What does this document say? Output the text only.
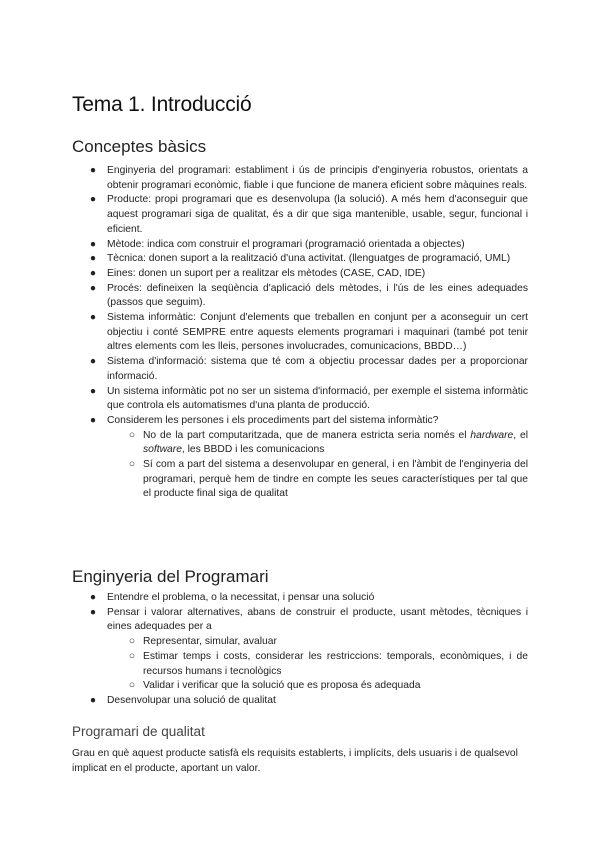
Tema 1. Introducció
Conceptes bàsics
● Enginyeria del programari: establiment i ús de principis d'enginyeria robustos, orientats a obtenir programari econòmic, fiable i que funcione de manera eficient sobre màquines reals.
● Producte: propi programari que es desenvolupa (la solució). A més hem d'aconseguir que aquest programari siga de qualitat, és a dir que siga mantenible, usable, segur, funcional i eficient.
● Mètode: indica com construir el programari (programació orientada a objectes)
● Tècnica: donen suport a la realització d'una activitat. (llenguatges de programació, UML)
● Eines: donen un suport per a realitzar els mètodes (CASE, CAD, IDE)
● Procés: defineixen la seqüència d'aplicació dels mètodes, i l'ús de les eines adequades (passos que seguim).
● Sistema informàtic: Conjunt d'elements que treballen en conjunt per a aconseguir un cert objectiu i conté SEMPRE entre aquests elements programari i maquinari (també pot tenir altres elements com les lleis, persones involucrades, comunicacions, BBDD…)
● Sistema d'informació: sistema que té com a objectiu processar dades per a proporcionar informació.
● Un sistema informàtic pot no ser un sistema d'informació, per exemple el sistema informàtic que controla els automatismes d'una planta de producció.
● Considerem les persones i els procediments part del sistema informàtic?
○ No de la part computaritzada, que de manera estricta seria només el hardware, el software, les BBDD i les comunicacions
○ Sí com a part del sistema a desenvolupar en general, i en l'àmbit de l'enginyeria del programari, perquè hem de tindre en compte les seues característiques per tal que el producte final siga de qualitat
Enginyeria del Programari
● Entendre el problema, o la necessitat, i pensar una solució
● Pensar i valorar alternatives, abans de construir el producte, usant mètodes, tècniques i eines adequades per a
○ Representar, simular, avaluar
○ Estimar temps i costs, considerar les restriccions: temporals, econòmiques, i de recursos humans i tecnològics
○ Validar i verificar que la solució que es proposa és adequada
● Desenvolupar una solució de qualitat
Programari de qualitat

Grau en què aquest producte satisfà els requisits establerts, i implícits, dels usuaris i de qualsevol implicat en el producte, aportant un valor.
